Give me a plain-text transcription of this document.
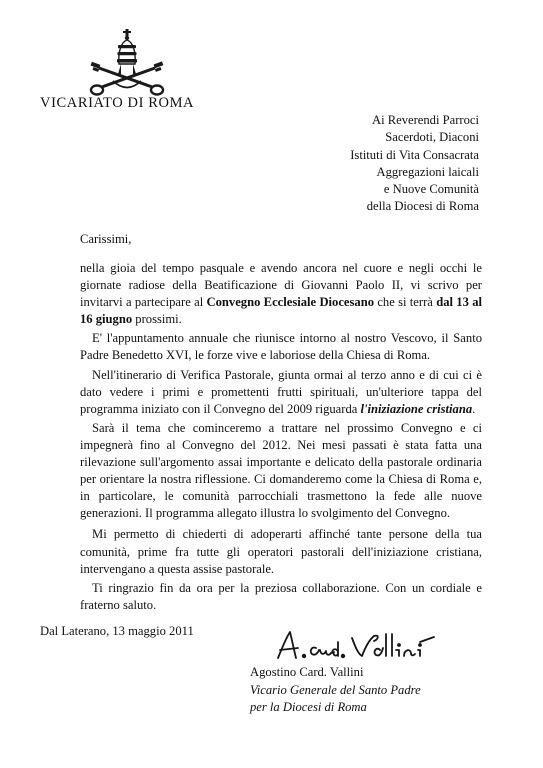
VICARIATO DI ROMA
Ai Reverendi Parroci
Sacerdoti, Diaconi
Istituti di Vita Consacrata
Aggregazioni laicali
e Nuove Comunità
della Diocesi di Roma
Carissimi,

nella gioia del tempo pasquale e avendo ancora nel cuore e negli occhi le giornate radiose della Beatificazione di Giovanni Paolo II, vi scrivo per invitarvi a partecipare al Convegno Ecclesiale Diocesano che si terrà dal 13 al 16 giugno prossimi.

E' l'appuntamento annuale che riunisce intorno al nostro Vescovo, il Santo Padre Benedetto XVI, le forze vive e laboriose della Chiesa di Roma.

Nell'itinerario di Verifica Pastorale, giunta ormai al terzo anno e di cui ci è dato vedere i primi e promettenti frutti spirituali, un'ulteriore tappa del programma iniziato con il Convegno del 2009 riguarda l'iniziazione cristiana.

Sarà il tema che cominceremo a trattare nel prossimo Convegno e ci impegnerà fino al Convegno del 2012. Nei mesi passati è stata fatta una rilevazione sull'argomento assai importante e delicato della pastorale ordinaria per orientare la nostra riflessione. Ci domanderemo come la Chiesa di Roma e, in particolare, le comunità parrocchiali trasmettono la fede alle nuove generazioni. Il programma allegato illustra lo svolgimento del Convegno.

Mi permetto di chiederti di adoperarti affinché tante persone della tua comunità, prime fra tutte gli operatori pastorali dell'iniziazione cristiana, intervengano a questa assise pastorale.

Ti ringrazio fin da ora per la preziosa collaborazione. Con un cordiale e fraterno saluto.

Dal Laterano, 13 maggio 2011
Agostino Card. Vallini
Vicario Generale del Santo Padre
per la Diocesi di Roma
